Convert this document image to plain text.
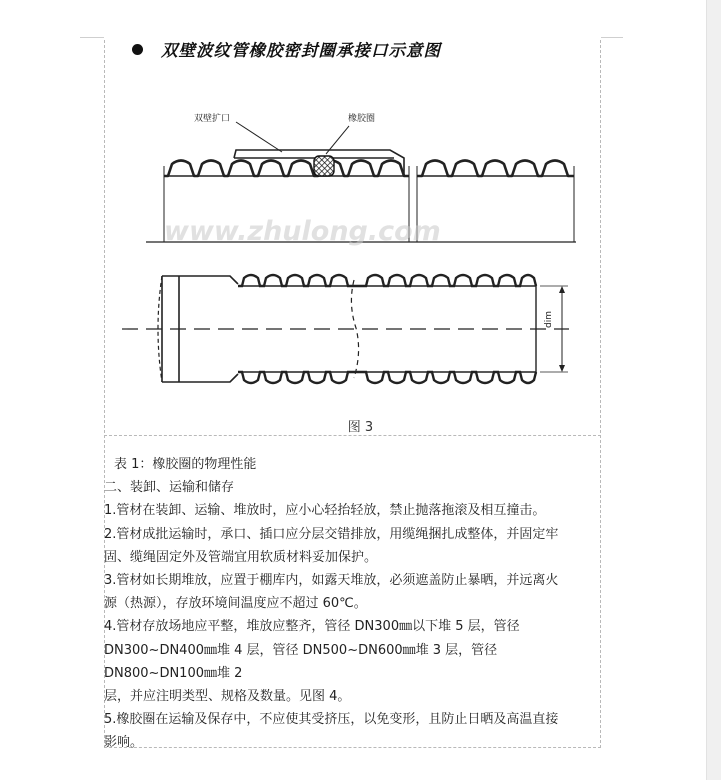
双壁波纹管橡胶密封圈承接口示意图
双壁扩口	橡胶圈
www.zhulong.com
dim
图 3

表 1：橡胶圈的物理性能

二、装卸、运输和储存

1.管材在装卸、运输、堆放时，应小心轻抬轻放，禁止抛落拖滚及相互撞击。

2.管材成批运输时，承口、插口应分层交错排放，用缆绳捆扎成整体，并固定牢

固、缆绳固定外及管端宜用软质材料妥加保护。

3.管材如长期堆放，应置于棚库内，如露天堆放，必须遮盖防止暴晒，并远离火

源（热源），存放环境间温度应不超过 60℃。

4.管材存放场地应平整，堆放应整齐，管径 DN300㎜以下堆 5 层，管径

DN300~DN400㎜堆 4 层，管径 DN500~DN600㎜堆 3 层，管径 DN800~DN100㎜堆 2

层，并应注明类型、规格及数量。见图 4。

5.橡胶圈在运输及保存中，不应使其受挤压，以免变形，且防止日晒及高温直接

影响。
